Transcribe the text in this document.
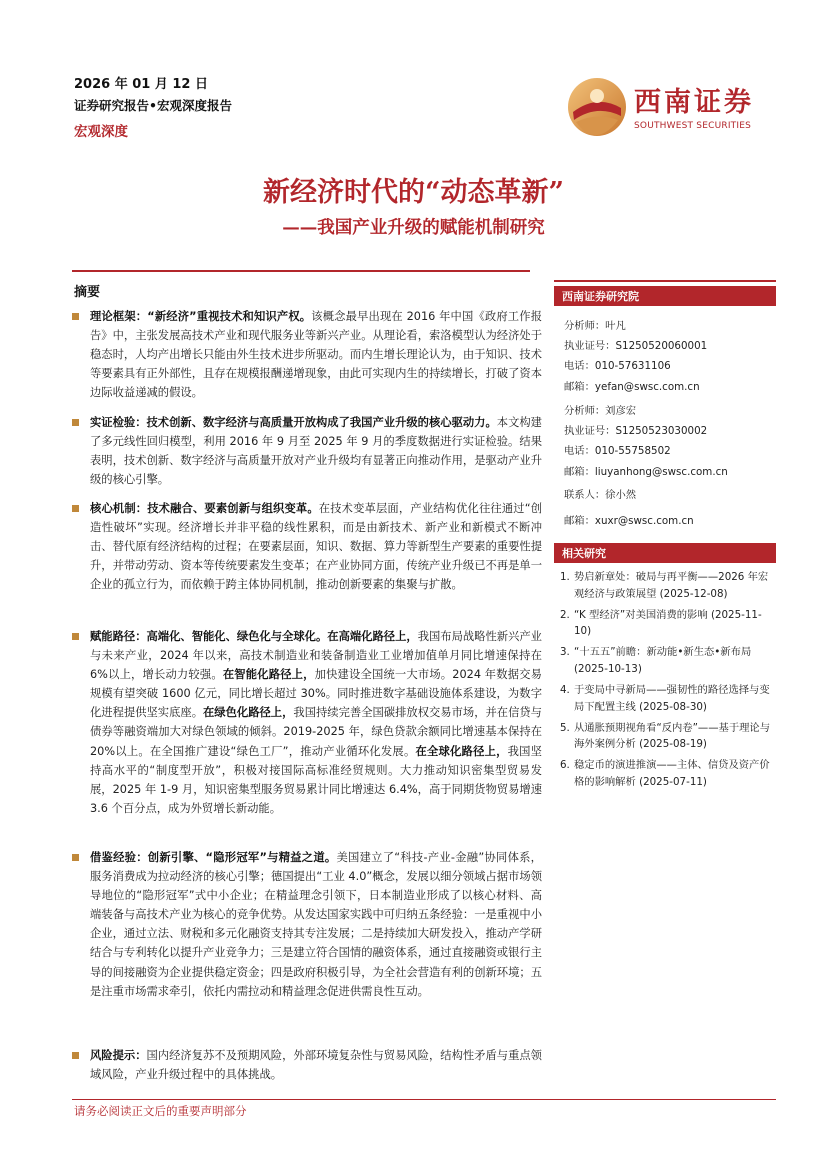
2026 年 01 月 12 日
证券研究报告•宏观深度报告
宏观深度
西南证券
SOUTHWEST SECURITIES
新经济时代的“动态革新”
——我国产业升级的赋能机制研究
摘要

理论框架：“新经济”重视技术和知识产权。该概念最早出现在 2016 年中国《政府工作报告》中，主张发展高技术产业和现代服务业等新兴产业。从理论看，索洛模型认为经济处于稳态时，人均产出增长只能由外生技术进步所驱动。而内生增长理论认为，由于知识、技术等要素具有正外部性，且存在规模报酬递增现象，由此可实现内生的持续增长，打破了资本边际收益递减的假设。

实证检验：技术创新、数字经济与高质量开放构成了我国产业升级的核心驱动力。本文构建了多元线性回归模型，利用 2016 年 9 月至 2025 年 9 月的季度数据进行实证检验。结果表明，技术创新、数字经济与高质量开放对产业升级均有显著正向推动作用，是驱动产业升级的核心引擎。

核心机制：技术融合、要素创新与组织变革。在技术变革层面，产业结构优化往往通过“创造性破坏”实现。经济增长并非平稳的线性累积，而是由新技术、新产业和新模式不断冲击、替代原有经济结构的过程；在要素层面，知识、数据、算力等新型生产要素的重要性提升，并带动劳动、资本等传统要素发生变革；在产业协同方面，传统产业升级已不再是单一企业的孤立行为，而依赖于跨主体协同机制，推动创新要素的集聚与扩散。

赋能路径：高端化、智能化、绿色化与全球化。在高端化路径上，我国布局战略性新兴产业与未来产业，2024 年以来，高技术制造业和装备制造业工业增加值单月同比增速保持在 6%以上，增长动力较强。在智能化路径上，加快建设全国统一大市场。2024 年数据交易规模有望突破 1600 亿元，同比增长超过 30%。同时推进数字基础设施体系建设，为数字化进程提供坚实底座。在绿色化路径上，我国持续完善全国碳排放权交易市场，并在信贷与债券等融资端加大对绿色领域的倾斜。2019-2025 年，绿色贷款余额同比增速基本保持在 20%以上。在全国推广建设“绿色工厂”，推动产业循环化发展。在全球化路径上，我国坚持高水平的“制度型开放”，积极对接国际高标准经贸规则。大力推动知识密集型贸易发展，2025 年 1-9 月，知识密集型服务贸易累计同比增速达 6.4%，高于同期货物贸易增速 3.6 个百分点，成为外贸增长新动能。

借鉴经验：创新引擎、“隐形冠军”与精益之道。美国建立了“科技-产业-金融”协同体系，服务消费成为拉动经济的核心引擎；德国提出“工业 4.0”概念，发展以细分领域占据市场领导地位的“隐形冠军”式中小企业；在精益理念引领下，日本制造业形成了以核心材料、高端装备与高技术产业为核心的竞争优势。从发达国家实践中可归纳五条经验：一是重视中小企业，通过立法、财税和多元化融资支持其专注发展；二是持续加大研发投入，推动产学研结合与专利转化以提升产业竞争力；三是建立符合国情的融资体系，通过直接融资或银行主导的间接融资为企业提供稳定资金；四是政府积极引导，为全社会营造有利的创新环境；五是注重市场需求牵引，依托内需拉动和精益理念促进供需良性互动。

风险提示：国内经济复苏不及预期风险，外部环境复杂性与贸易风险，结构性矛盾与重点领域风险，产业升级过程中的具体挑战。

西南证券研究院
分析师：叶凡
执业证号：S1250520060001
电话：010-57631106
邮箱：yefan@swsc.com.cn
分析师：刘彦宏
执业证号：S1250523030002
电话：010-55758502
邮箱：liuyanhong@swsc.com.cn
联系人：徐小然
邮箱：xuxr@swsc.com.cn
相关研究
1. 势启新章处：破局与再平衡——2026 年宏观经济与政策展望 (2025-12-08)
2. “K 型经济”对美国消费的影响 (2025-11-10)
3. “十五五”前瞻：新动能•新生态•新布局 (2025-10-13)
4. 于变局中寻新局——强韧性的路径选择与变局下配置主线 (2025-08-30)
5. 从通胀预期视角看“反内卷”——基于理论与海外案例分析 (2025-08-19)
6. 稳定币的演进推演——主体、信贷及资产价格的影响解析 (2025-07-11)
请务必阅读正文后的重要声明部分
